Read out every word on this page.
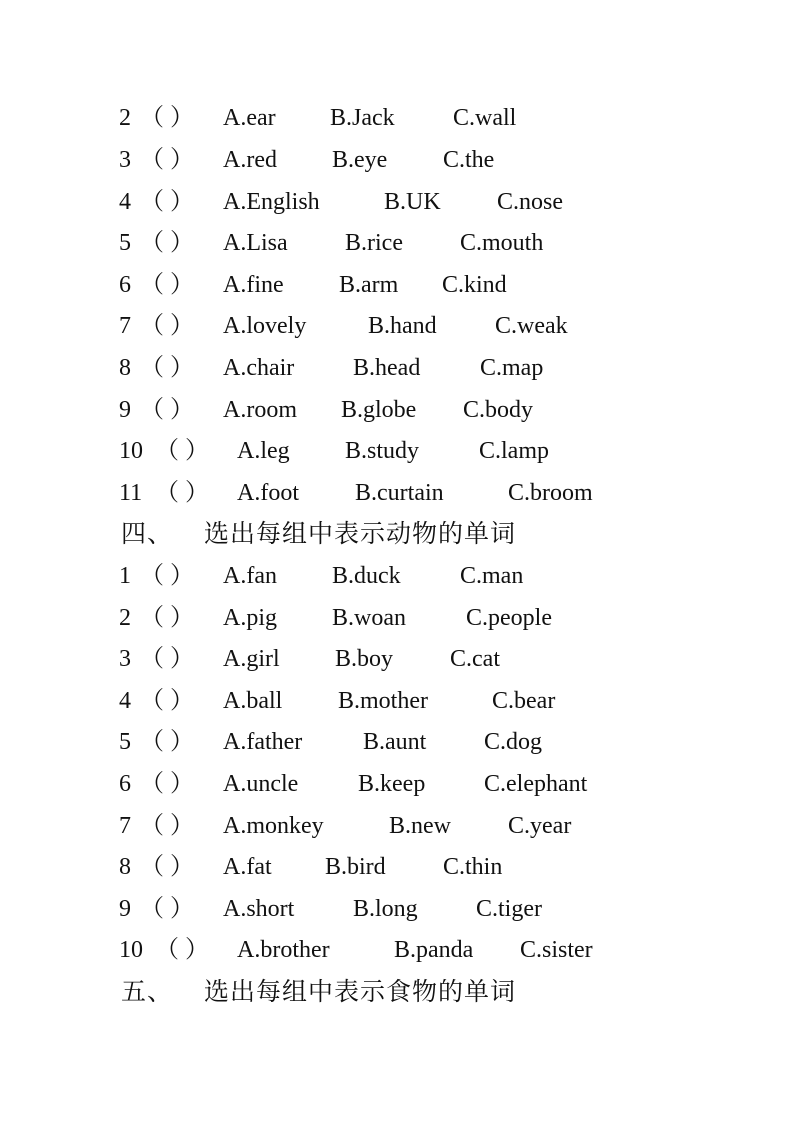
2 （ ） A.ear B.Jack C.wall
3 （ ） A.red B.eye C.the
4 （ ） A.English	B.UK C.nose
5 （ ） A.Lisa B.rice C.mouth
6 （ ） A.fine B.arm C.kind
7 （ ） A.lovely	B.hand C.weak
8 （ ） A.chair B.head C.map
9 （ ） A.room B.globe C.body
10 （ ） A.leg B.study C.lamp
11 （ ） A.foot B.curtain	C.broom
四、 选出每组中表示动物的单词
1 （ ） A.fan B.duck C.man
2 （ ） A.pig B.woan	C.people
3 （ ） A.girl B.boy C.cat
4 （ ） A.ball B.mother	C.bear
5 （ ） A.father	B.aunt C.dog
6 （ ） A.uncle B.keep C.elephant
7 （ ） A.monkey	B.new C.year
8 （ ） A.fat B.bird C.thin
9 （ ） A.short B.long C.tiger
10 （ ） A.brother	B.panda C.sister
五、 选出每组中表示食物的单词
